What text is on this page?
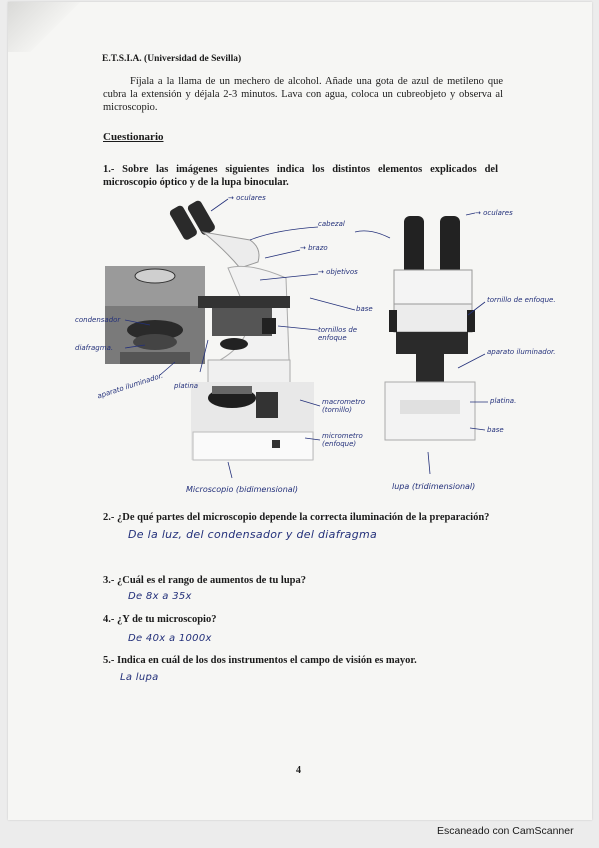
E.T.S.I.A. (Universidad de Sevilla)
Fíjala a la llama de un mechero de alcohol. Añade una gota de azul de metileno que cubra la extensión y déjala 2-3 minutos. Lava con agua, coloca un cubreobjeto y observa al microscopio.
Cuestionario
1.- Sobre las imágenes siguientes indica los distintos elementos explicados del microscopio óptico y de la lupa binocular.
→ oculares
cabezal
→ brazo
→ objetivos
base
tornillos de enfoque
condensador
diafragma.
aparato iluminador. platina
macrometro (tornillo)
micrometro (enfoque)
Microscopio (bidimensional)
→ oculares
tornillo de enfoque.
aparato iluminador.
platina.
base
lupa (tridimensional)
2.- ¿De qué partes del microscopio depende la correcta iluminación de la preparación?
De la luz, del condensador y del diafragma
3.- ¿Cuál es el rango de aumentos de tu lupa?
De 8x a 35x
4.- ¿Y de tu microscopio?
De 40x a 1000x
5.- Indica en cuál de los dos instrumentos el campo de visión es mayor.
La lupa
4
Escaneado con CamScanner
